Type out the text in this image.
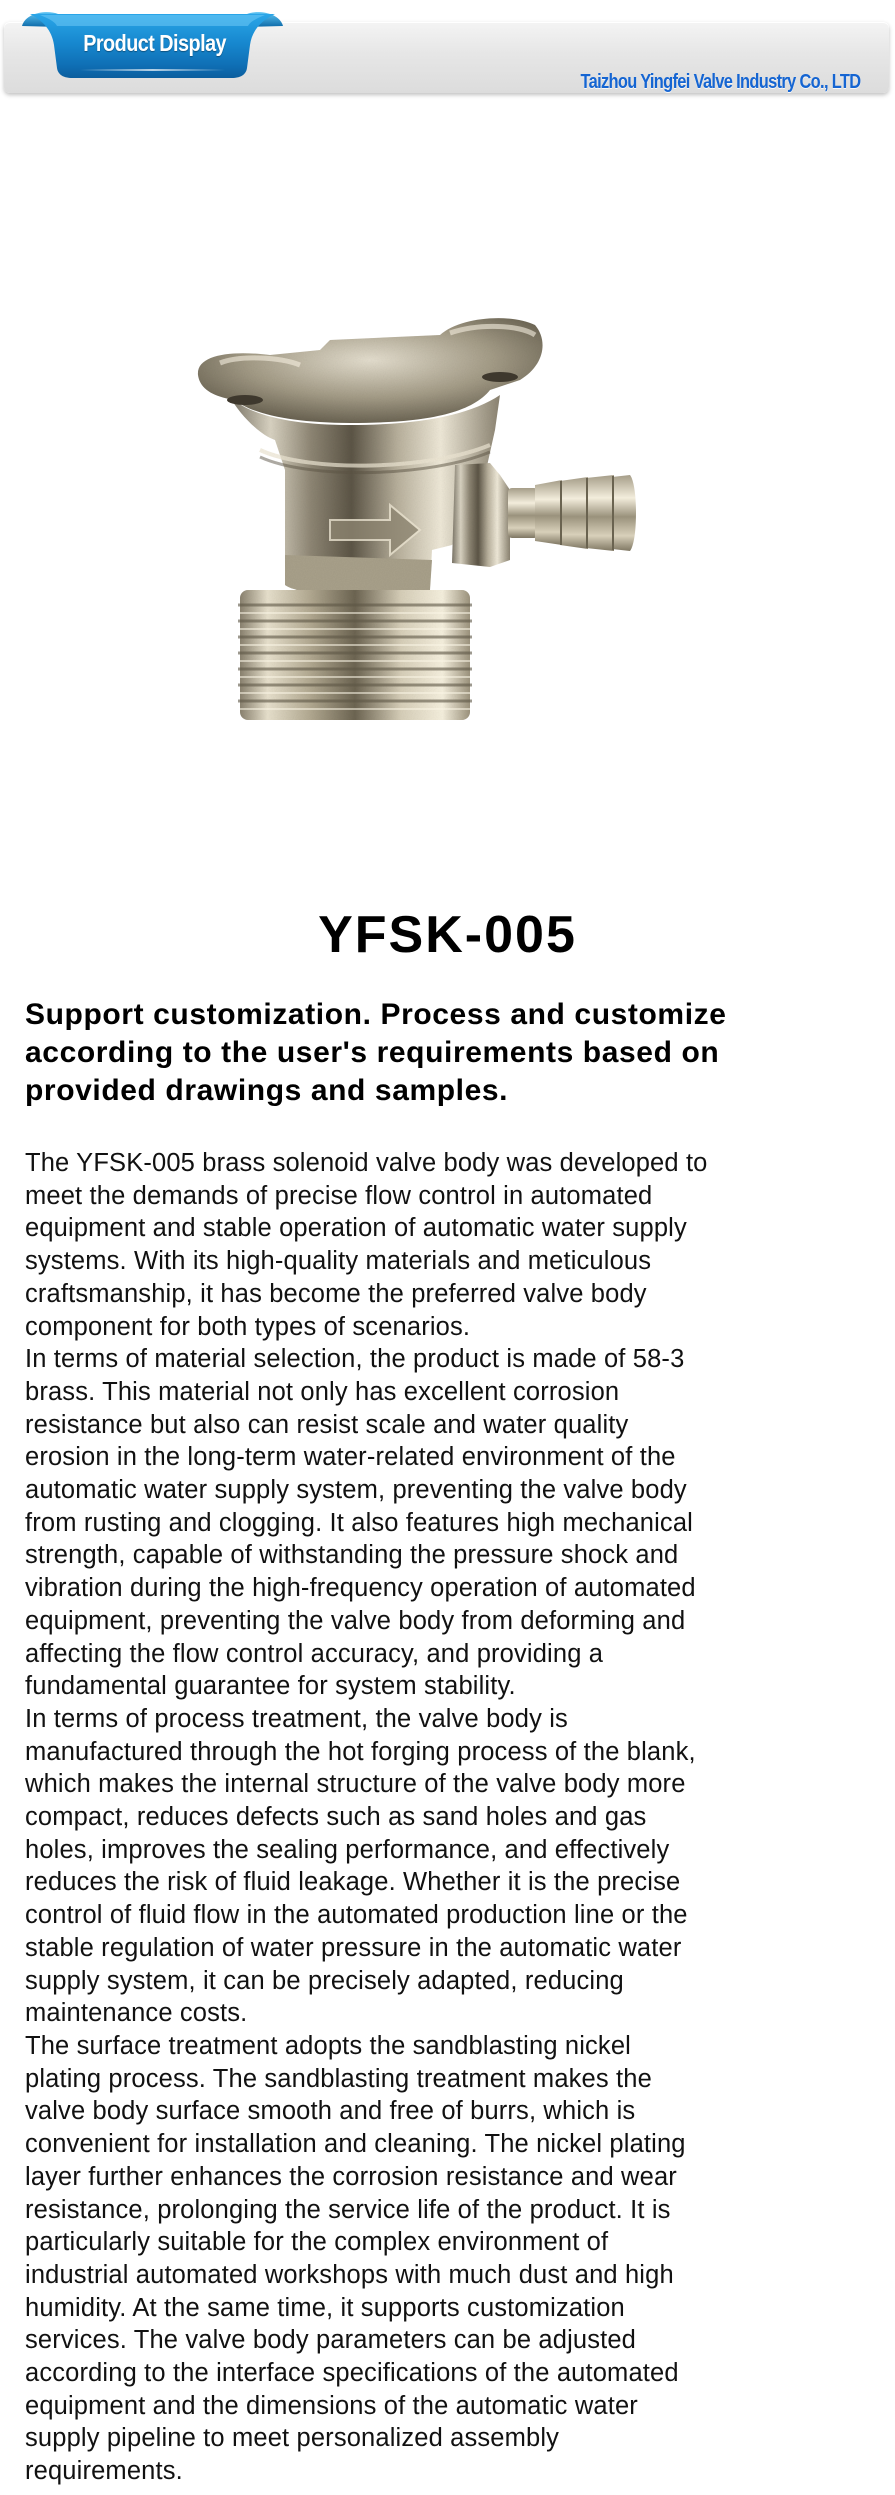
Taizhou Yingfei Valve Industry Co., LTD
Product Display
YFSK-005
Support customization. Process and customize
according to the user's requirements based on
provided drawings and samples.

The YFSK-005 brass solenoid valve body was developed to
meet the demands of precise flow control in automated
equipment and stable operation of automatic water supply
systems. With its high-quality materials and meticulous
craftsmanship, it has become the preferred valve body
component for both types of scenarios.

In terms of material selection, the product is made of 58-3
brass. This material not only has excellent corrosion
resistance but also can resist scale and water quality
erosion in the long-term water-related environment of the
automatic water supply system, preventing the valve body
from rusting and clogging. It also features high mechanical
strength, capable of withstanding the pressure shock and
vibration during the high-frequency operation of automated
equipment, preventing the valve body from deforming and
affecting the flow control accuracy, and providing a
fundamental guarantee for system stability.

In terms of process treatment, the valve body is
manufactured through the hot forging process of the blank,
which makes the internal structure of the valve body more
compact, reduces defects such as sand holes and gas
holes, improves the sealing performance, and effectively
reduces the risk of fluid leakage. Whether it is the precise
control of fluid flow in the automated production line or the
stable regulation of water pressure in the automatic water
supply system, it can be precisely adapted, reducing
maintenance costs.

The surface treatment adopts the sandblasting nickel
plating process. The sandblasting treatment makes the
valve body surface smooth and free of burrs, which is
convenient for installation and cleaning. The nickel plating
layer further enhances the corrosion resistance and wear
resistance, prolonging the service life of the product. It is
particularly suitable for the complex environment of
industrial automated workshops with much dust and high
humidity. At the same time, it supports customization
services. The valve body parameters can be adjusted
according to the interface specifications of the automated
equipment and the dimensions of the automatic water
supply pipeline to meet personalized assembly
requirements.
